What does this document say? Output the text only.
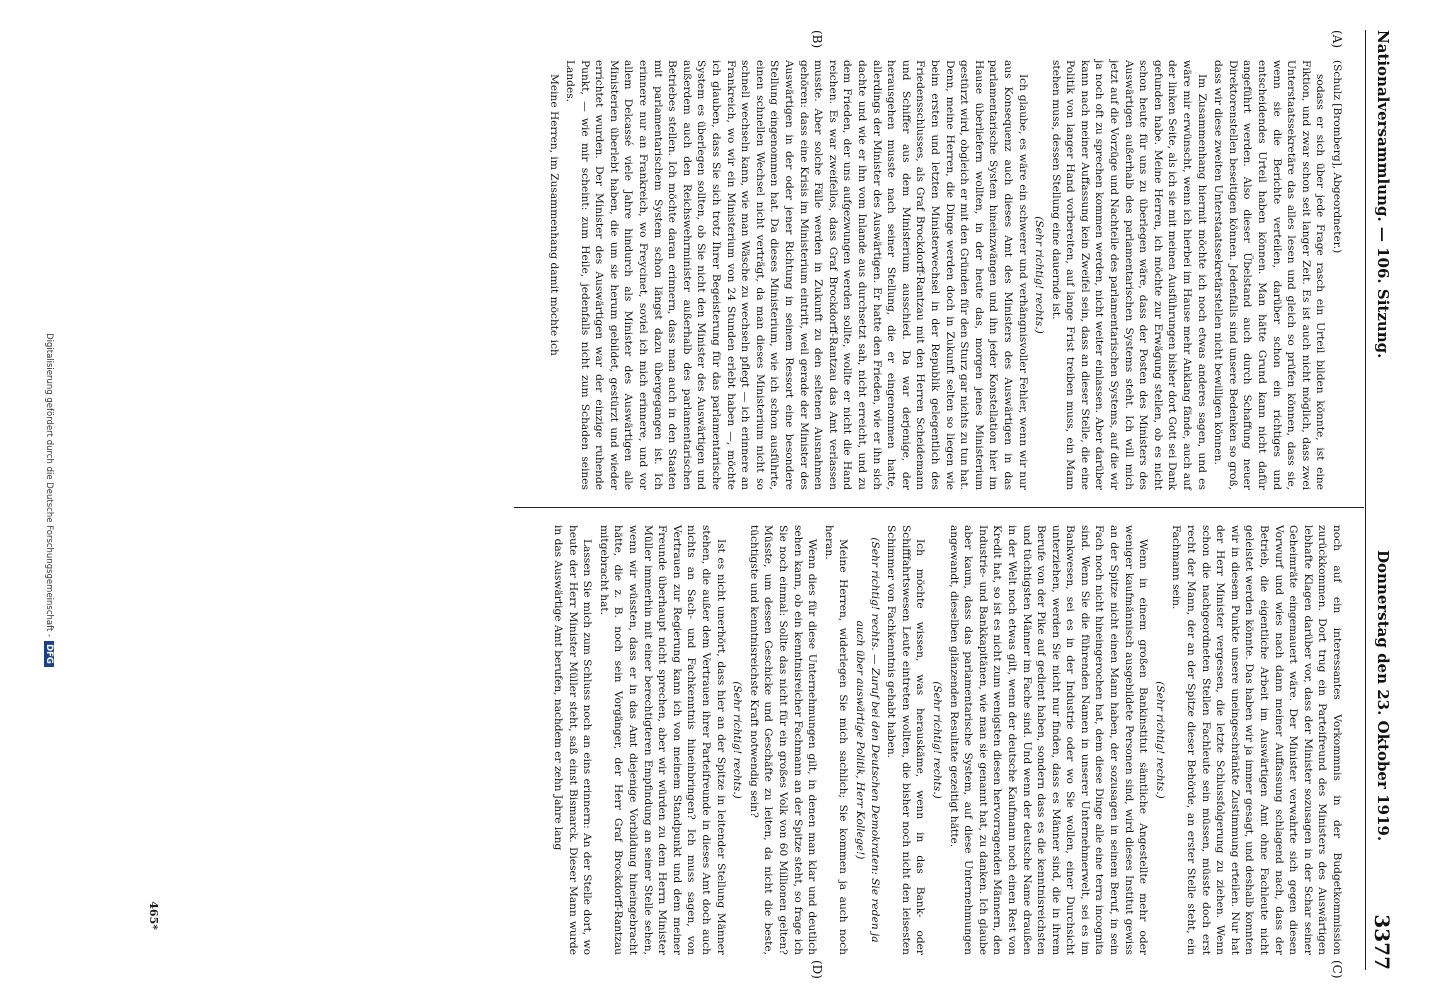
Nationalversammlung. — 106. Sitzung.
Donnerstag den 23. Oktober 1919.
3377
(A)
(B)
(C)
(D)

(Schulz [Bromberg], Abgeordneter.)

sodass er sich über jede Frage rasch ein Urteil bilden könnte, ist eine Fiktion, und zwar schon seit langer Zeit. Es ist auch nicht möglich, dass zwei Unterstaatssekretäre das alles lesen und gleich so prüfen können, dass sie, wenn sie die Berichte verteilen, darüber schon ein richtiges und entscheidendes Urteil haben können. Man hätte Grund kann nicht dafür angeführt werden. Also dieser Übelstand auch durch Schaffung neuer Direktorenstellen beseitigen können. Jedenfalls sind unsere Bedenken so groß, dass wir diese zweiten Unterstaatssekretärstellen nicht bewilligen können.

Im Zusammenhang hiermit möchte ich noch etwas anderes sagen, und es wäre mir erwünscht, wenn ich hierbei im Hause mehr Anklang fände, auch auf der linken Seite, als ich sie mit meinen Ausführungen bisher dort Gott sei Dank gefunden habe. Meine Herren, ich möchte zur Erwägung stellen, ob es nicht schon heute für uns zu überlegen wäre, dass der Posten des Ministers des Auswärtigen außerhalb des parlamentarischen Systems steht. Ich will mich jetzt auf die Vorzüge und Nachteile des parlamentarischen Systems, auf die wir ja noch oft zu sprechen kommen werden, nicht weiter einlassen. Aber darüber kann nach meiner Auffassung kein Zweifel sein, dass an dieser Stelle, die eine Politik von langer Hand vorbereiten, auf lange Frist treiben muss, ein Mann stehen muss, dessen Stellung eine dauernde ist.

(Sehr richtig! rechts.)

Ich glaube, es wäre ein schwerer und verhängnisvoller Fehler, wenn wir nur aus Konsequenz auch dieses Amt des Ministers des Auswärtigen in das parlamentarische System hineinzwängen und ihn jeder Konstellation hier im Hause überliefern wollten, in der heute das, morgen jenes Ministerium gestürzt wird, obgleich er mit den Gründen für den Sturz gar nichts zu tun hat. Denn, meine Herren, die Dinge werden doch in Zukunft selten so liegen wie beim ersten und letzten Ministerwechsel in der Republik gelegentlich des Friedensschlusses, als Graf Brockdorff-Rantzau mit den Herren Scheidemann und Schiffer aus dem Ministerium ausschied. Da war derjenige, der herausgehen musste nach seiner Stellung, die er eingenommen hatte, allerdings der Minister des Auswärtigen. Er hatte den Frieden, wie er ihn sich dachte und wie er ihn vom Inlande aus durchsetzt sah, nicht erreicht, und zu dem Frieden, der uns aufgezwungen werden sollte, wollte er nicht die Hand reichen. Es war zweifellos, dass Graf Brockdorff-Rantzau das Amt verlassen musste. Aber solche Fälle werden in Zukunft zu den seltenen Ausnahmen gehören: dass eine Krisis im Ministerium eintritt, weil gerade der Minister des Auswärtigen in der oder jener Richtung in seinem Ressort eine besondere Stellung eingenommen hat. Da dieses Ministerium, wie ich schon ausführte, einen schnellen Wechsel nicht verträgt, da man dieses Ministerium nicht so schnell wechseln kann, wie man Wäsche zu wechseln pflegt — ich erinnere an Frankreich, wo wir ein Ministerium von 24 Stunden erlebt haben —, möchte ich glauben, dass Sie sich trotz Ihrer Begeisterung für das parlamentarische System es überlegen sollten, ob Sie nicht den Minister des Auswärtigen und außerdem auch den Reichswehrminister außerhalb des parlamentarischen Betriebes stellen. Ich möchte daran erinnern, dass man auch in den Staaten mit parlamentarischem System schon längst dazu übergegangen ist. Ich erinnere nur an Frankreich, wo Freycinet, soviel ich mich erinnere, und vor allem Delcassé viele Jahre hindurch als Minister des Auswärtigen alle Ministerien überlebt haben, die um sie herum gebildet, gestürzt und wieder errichtet wurden. Der Minister des Auswärtigen war der einzige ruhende Punkt, — wie mir scheint: zum Heile, jedenfalls nicht zum Schaden seines Landes.

Meine Herren, im Zusammenhang damit möchte ich

noch auf ein interessantes Vorkommnis in der Budgetkommission zurückkommen. Dort trug ein Parteifreund des Ministers des Auswärtigen lebhafte Klagen darüber vor, dass der Minister sozusagen in der Schar seiner Geheimräte eingemauert wäre. Der Minister verwahrte sich gegen diesen Vorwurf und wies nach dann meiner Auffassung schlagend nach, dass der Betrieb, die eigentliche Arbeit im Auswärtigen Amt ohne Fachleute nicht geleistet werden könnte. Das haben wir ja immer gesagt, und deshalb konnten wir in diesem Punkte unsere uneingeschränkte Zustimmung erteilen. Nur hat der Herr Minister vergessen, die letzte Schlussfolgerung zu ziehen. Wenn schon die nachgeordneten Stellen Fachleute sein müssen, müsste doch erst recht der Mann, der an der Spitze dieser Behörde, an erster Stelle steht, ein Fachmann sein.

(Sehr richtig! rechts.)

Wenn in einem großen Bankinstitut sämtliche Angestellte mehr oder weniger kaufmännisch ausgebildete Personen sind, wird dieses Institut gewiss an der Spitze nicht einen Mann haben, der sozusagen in seinem Beruf, in sein Fach noch nicht hineingerochen hat, dem diese Dinge alle eine terra incognita sind. Wenn Sie die führenden Namen in unserer Unternehmerwelt, sei es im Bankwesen, sei es in der Industrie oder wo Sie wollen, einer Durchsicht unterziehen, werden Sie nicht nur finden, dass es Männer sind, die in ihrem Berufe von der Pike auf gedient haben, sondern dass es die kenntnisreichsten und tüchtigsten Männer im Fache sind. Und wenn der deutsche Name draußen in der Welt noch etwas gilt, wenn der deutsche Kaufmann noch einen Rest von Kredit hat, so ist es nicht zum wenigsten diesen hervorragenden Männern, den Industrie- und Bankkapitänen, wie man sie genannt hat, zu danken. Ich glaube aber kaum, dass das parlamentarische System, auf diese Unternehmungen angewandt, dieselben glänzenden Resultate gezeitigt hätte.

(Sehr richtig! rechts.)

Ich möchte wissen, was herauskäme, wenn in das Bank- oder Schifffahrtswesen Leute eintreten wollten, die bisher noch nicht den leisesten Schimmer von Fachkenntnis gehabt haben.

(Sehr richtig! rechts. — Zuruf bei den Deutschen Demokraten: Sie reden ja auch über auswärtige Politik, Herr Kollege!)

Meine Herren, widerlegen Sie mich sachlich; Sie kommen ja auch noch heran.

Wenn dies für diese Unternehmungen gilt, in denen man klar und deutlich sehen kann, ob ein kenntnisreicher Fachmann an der Spitze steht, so frage ich Sie noch einmal: Sollte das nicht für ein großes Volk von 60 Millionen gelten? Müsste, um dessen Geschicke und Geschäfte zu leiten, da nicht die beste, tüchtigste und kenntnisreichste Kraft notwendig sein?

(Sehr richtig! rechts.)

Ist es nicht unerhört, dass hier an der Spitze in leitender Stellung Männer stehen, die außer dem Vertrauen ihrer Parteifreunde in dieses Amt doch auch nichts an Sach- und Fachkenntnis hineinbringen? Ich muss sagen, von Vertrauen zur Regierung kann ich von meinem Standpunkt und dem meiner Freunde überhaupt nicht sprechen, aber wir würden zu dem Herrn Minister Müller immerhin mit einer berechtigteren Empfindung an seiner Stelle sehen, wenn wir wüssten, dass er in das Amt diejenige Vorbildung hineingebracht hätte, die z. B. noch sein Vorgänger, der Herr Graf Brockdorff-Rantzau mitgebracht hat.

Lassen Sie mich zum Schluss noch an eins erinnern: An der Stelle dort, wo heute der Herr Minister Müller steht, saß einst Bismarck. Dieser Mann wurde in das Auswärtige Amt berufen, nachdem er zehn Jahre lang

465*
Digitalisierung gefördert durch die Deutsche Forschungsgemeinschaft -DFG
